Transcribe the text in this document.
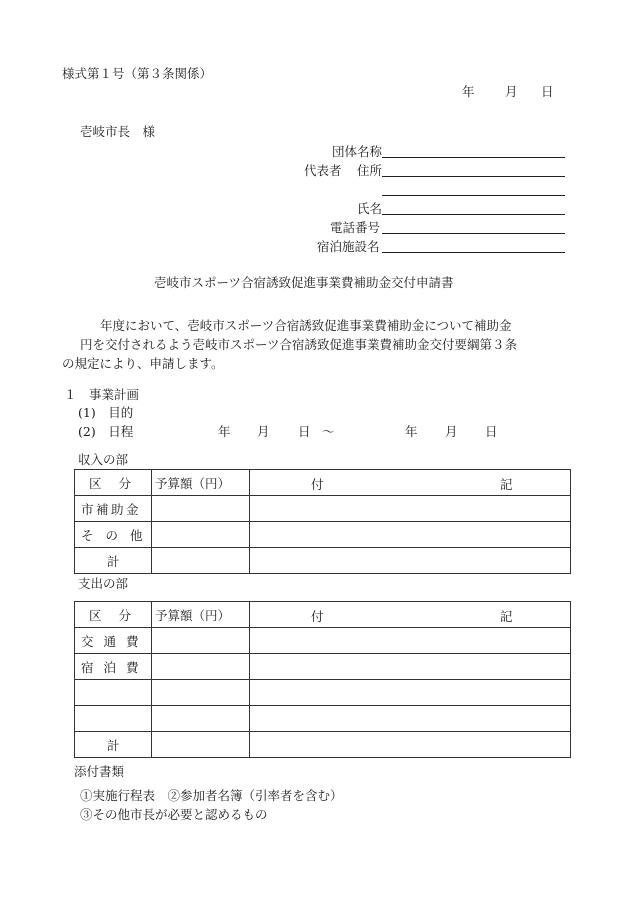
様式第１号（第３条関係）
年 月 日
壱岐市長　様
団体名称
代表者 住所
氏名
電話番号
宿泊施設名
壱岐市スポーツ合宿誘致促進事業費補助金交付申請書
年度において、壱岐市スポーツ合宿誘致促進事業費補助金について補助金
円を交付されるよう壱岐市スポーツ合宿誘致促進事業費補助金交付要綱第３条
の規定により、申請します。
１　事業計画
(1)　目的
(2)　日程	年 月 日 〜	年 月 日
収入の部
区 分	予算額（円）	付 記

市補助金		
その他		
計		
支出の部
区 分	予算額（円）	付 記

交通費		
宿泊費		

計		
添付書類
①実施行程表　②参加者名簿（引率者を含む）
③その他市長が必要と認めるもの
